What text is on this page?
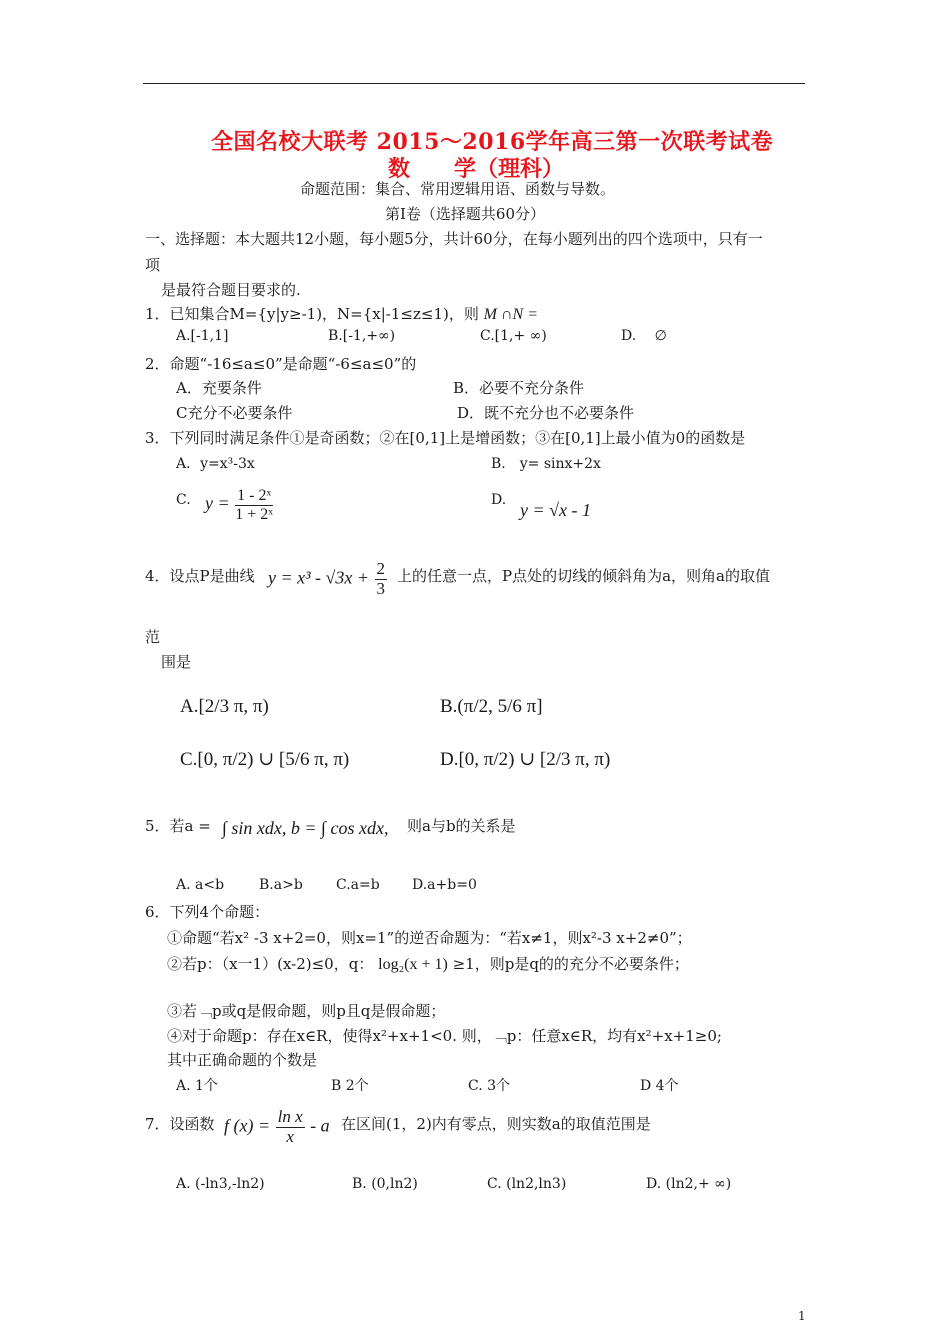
全国名校大联考 2015～2016学年高三第一次联考试卷
数　　学（理科）
命题范围：集合、常用逻辑用语、函数与导数。
第Ⅰ卷（选择题共60分）
一、选择题：本大题共12小题，每小题5分，共计60分，在每小题列出的四个选项中，只有一
项
是最符合题目要求的.
1．已知集合M={y|y≥-1)，N={x|-1≤z≤1)，则 M ∩N =
A.[-1,1]	B.[-1,+∞)	C.[1,+ ∞)	D. ∅
2．命题“-16≤a≤0”是命题“-6≤a≤0”的
A．充要条件	B．必要不充分条件
C充分不必要条件	D．既不充分也不必要条件
3．下列同时满足条件①是奇函数；②在[0,1]上是增函数；③在[0,1]上最小值为0的函数是
A．y=x³-3x	B.　y= sinx+2x
C. $y = \frac{\text{1 - 2ˣ}}{\text{1 + 2ˣ}}$	D. y = √x - 1
4．设点P是曲线 $y = x^3 - √3x + \frac{2}{3}$ 上的任意一点，P点处的切线的倾斜角为a，则角a的取值
范
围是
A.[2/3 π, π)	B.(π/2, 5/6 π]
C.[0, π/2) ∪ [5/6 π, π)	D.[0, π/2) ∪ [2/3 π, π)
5．若a = ∫ sin xdx, b = ∫ cos xdx, 则a与b的关系是
A. a<b B.a>b C.a=b D.a+b=0
6．下列4个命题：
①命题“若x² -3 x+2=0，则x=1”的逆否命题为：“若x≠1，则x²-3 x+2≠0”；
②若p：（x一1）(x-2)≤0，q： log₂(x + 1) ≥1，则p是q的的充分不必要条件；
③若﹁p或q是假命题，则p且q是假命题；
④对于命题p：存在x∈R，使得x²+x+1<0. 则，﹁p：任意x∈R，均有x²+x+1≥0;
其中正确命题的个数是
A. 1个	B 2个	C. 3个	D 4个
7．设函数 f $(x) = \frac{\text{ln x}}{x} - a$ 在区间(1，2)内有零点，则实数a的取值范围是
A. (-ln3,-ln2)	B. (0,ln2)	C. (ln2,ln3)	D. (ln2,+ ∞)
1
